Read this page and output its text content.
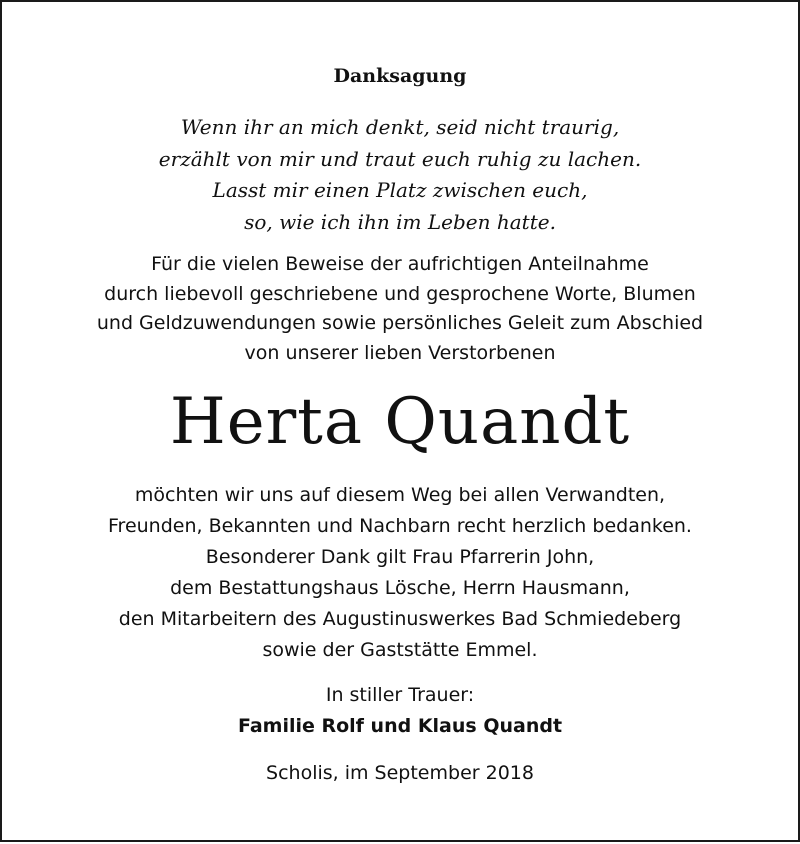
Danksagung
Wenn ihr an mich denkt, seid nicht traurig,
erzählt von mir und traut euch ruhig zu lachen.
Lasst mir einen Platz zwischen euch,
so, wie ich ihn im Leben hatte.
Für die vielen Beweise der aufrichtigen Anteilnahme
durch liebevoll geschriebene und gesprochene Worte, Blumen
und Geldzuwendungen sowie persönliches Geleit zum Abschied
von unserer lieben Verstorbenen
Herta Quandt
möchten wir uns auf diesem Weg bei allen Verwandten,
Freunden, Bekannten und Nachbarn recht herzlich bedanken.
Besonderer Dank gilt Frau Pfarrerin John,
dem Bestattungshaus Lösche, Herrn Hausmann,
den Mitarbeitern des Augustinuswerkes Bad Schmiedeberg
sowie der Gaststätte Emmel.
In stiller Trauer:
Familie Rolf und Klaus Quandt
Scholis, im September 2018
